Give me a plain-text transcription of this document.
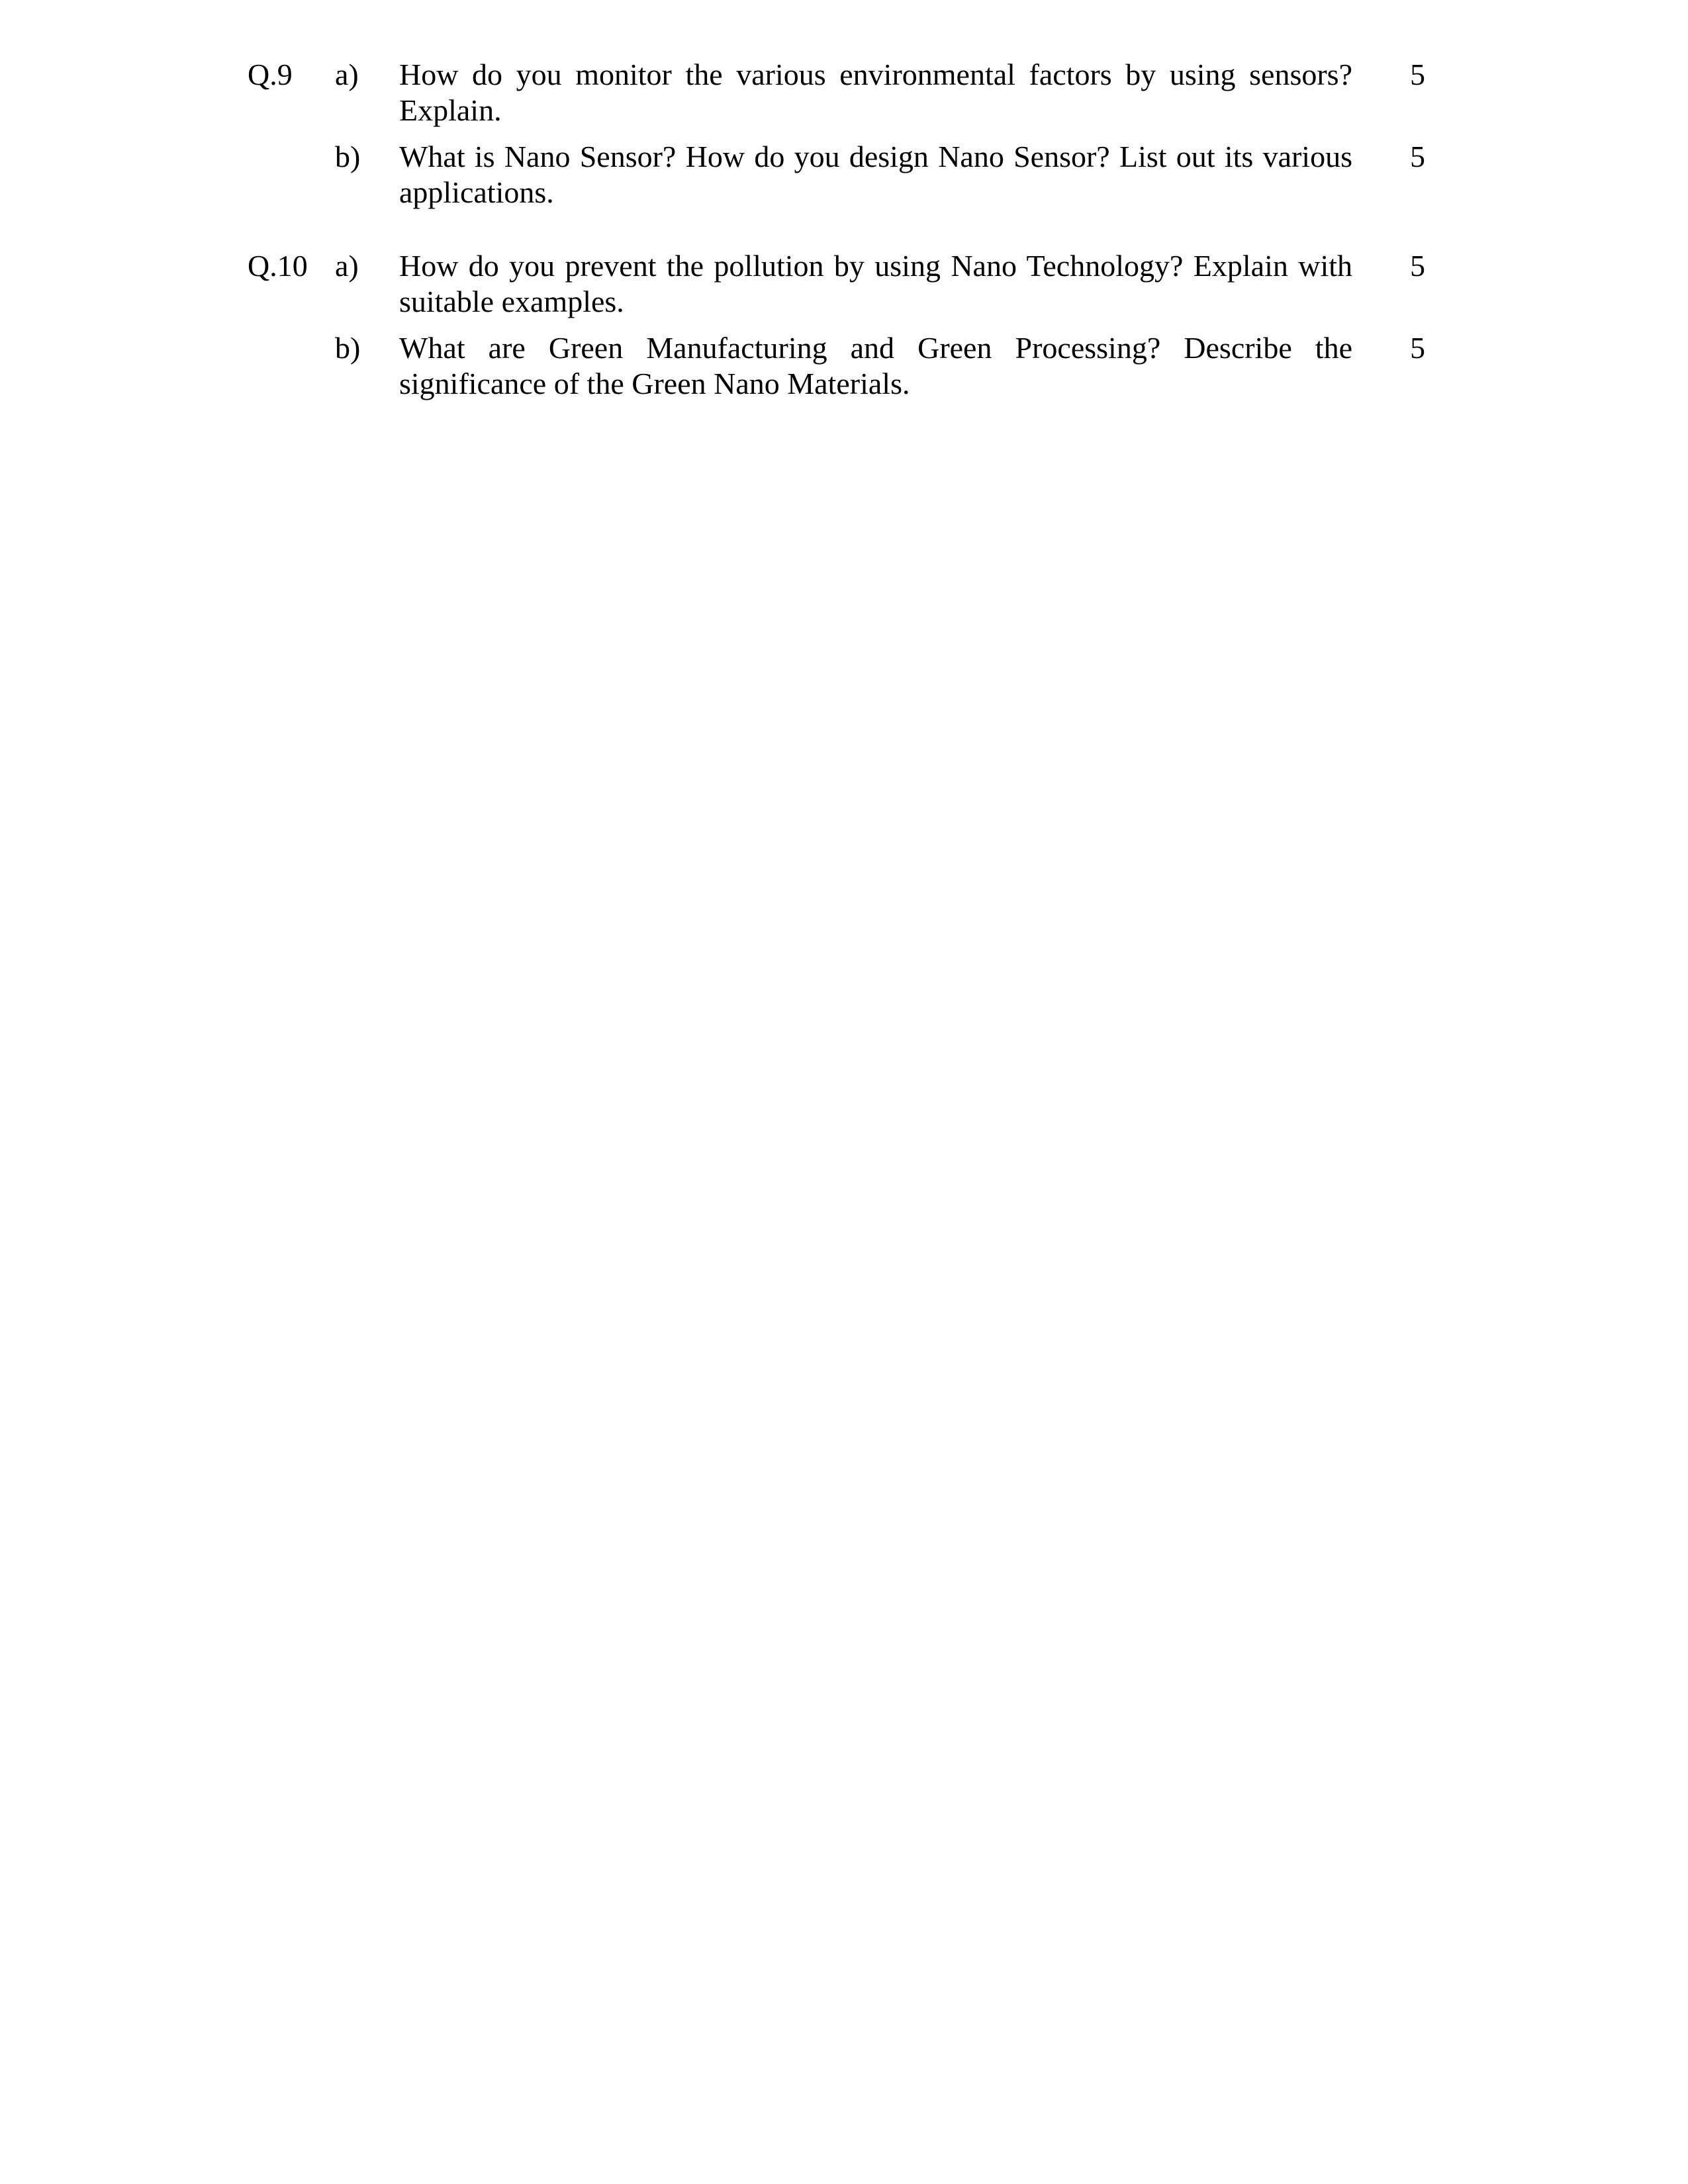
Q.9 a) How do you monitor the various environmental factors by using sensors? Explain.
5
b) What is Nano Sensor? How do you design Nano Sensor? List out its various applications.
5
Q.10 a) How do you prevent the pollution by using Nano Technology? Explain with suitable examples.
5
b) What are Green Manufacturing and Green Processing? Describe the significance of the Green Nano Materials.
5
